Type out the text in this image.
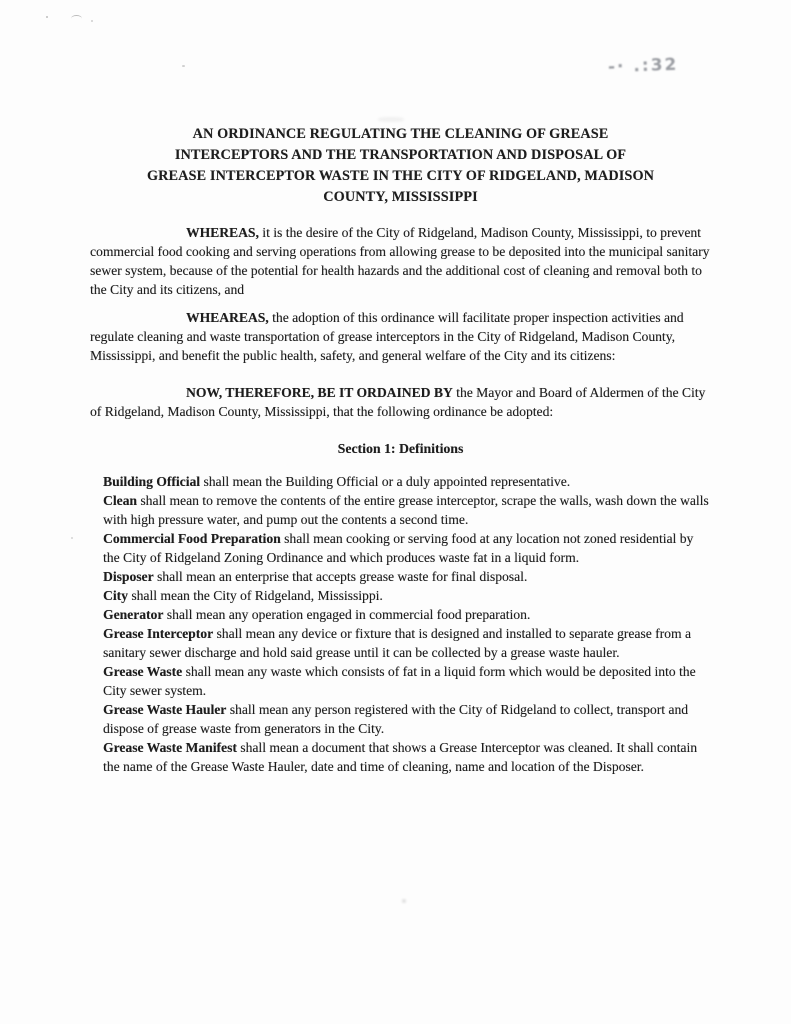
-· .:32
AN ORDINANCE REGULATING THE CLEANING OF GREASE
INTERCEPTORS AND THE TRANSPORTATION AND DISPOSAL OF
GREASE INTERCEPTOR WASTE IN THE CITY OF RIDGELAND, MADISON
COUNTY, MISSISSIPPI

WHEREAS, it is the desire of the City of Ridgeland, Madison County, Mississippi, to prevent commercial food cooking and serving operations from allowing grease to be deposited into the municipal sanitary sewer system, because of the potential for health hazards and the additional cost of cleaning and removal both to the City and its citizens, and

WHEAREAS, the adoption of this ordinance will facilitate proper inspection activities and regulate cleaning and waste transportation of grease interceptors in the City of Ridgeland, Madison County, Mississippi, and benefit the public health, safety, and general welfare of the City and its citizens:

NOW, THEREFORE, BE IT ORDAINED BY the Mayor and Board of Aldermen of the City of Ridgeland, Madison County, Mississippi, that the following ordinance be adopted:

Section 1: Definitions

Building Official shall mean the Building Official or a duly appointed representative.

Clean shall mean to remove the contents of the entire grease interceptor, scrape the walls, wash down the walls with high pressure water, and pump out the contents a second time.

Commercial Food Preparation shall mean cooking or serving food at any location not zoned residential by the City of Ridgeland Zoning Ordinance and which produces waste fat in a liquid form.

Disposer shall mean an enterprise that accepts grease waste for final disposal.

City shall mean the City of Ridgeland, Mississippi.

Generator shall mean any operation engaged in commercial food preparation.

Grease Interceptor shall mean any device or fixture that is designed and installed to separate grease from a sanitary sewer discharge and hold said grease until it can be collected by a grease waste hauler.

Grease Waste shall mean any waste which consists of fat in a liquid form which would be deposited into the City sewer system.

Grease Waste Hauler shall mean any person registered with the City of Ridgeland to collect, transport and dispose of grease waste from generators in the City.

Grease Waste Manifest shall mean a document that shows a Grease Interceptor was cleaned. It shall contain the name of the Grease Waste Hauler, date and time of cleaning, name and location of the Disposer.
